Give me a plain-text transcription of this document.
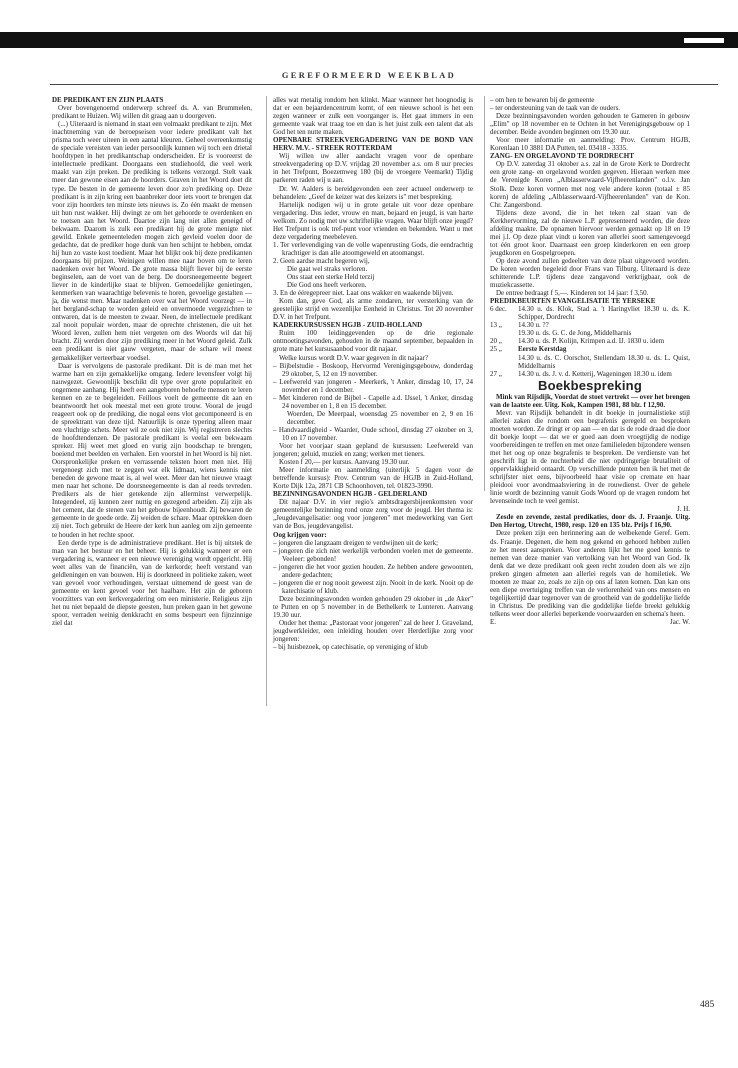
GEREFORMEERD WEEKBLAD

DE PREDIKANT EN ZIJN PLAATS

Over bovengenoemd onderwerp schreef ds. A. van Brummelen, predikant te Huizen. Wij willen dit graag aan u doorgeven.

(...) Uiteraard is niemand in staat een volmaakt predikant te zijn. Met inachtneming van de beroepseisen voor iedere predikant valt het prisma toch weer uiteen in een aantal kleuren. Geheel overeenkomstig de speciale vereisten van ieder persoonlijk kunnen wij toch een drietal hoofdtypen in het predikantschap onderscheiden. Er is vooreerst de intellectuele predikant. Doorgaans een studiehoofd, die veel werk maakt van zijn preken. De prediking is telkens verzorgd. Stelt vaak meer dan gewone eisen aan de hoorders. Graven in het Woord doet dit type. De besten in de gemeente leven door zo'n prediking op. Deze predikant is in zijn kring een baanbreker door iets voort te brengen dat voor zijn hoorders ten minste iets nieuws is. Zo één maakt de mensen uit hun rust wakker. Hij dwingt ze om het gehoorde te overdenken en te toetsen aan het Woord. Daartoe zijn lang niet allen geneigd of bekwaam. Daarom is zulk een predikant hij de grote menigte niet gewild. Enkele gemeenteleden mogen zich gevleid voelen door de gedachte, dat de prediker hoge dunk van hen schijnt te hebben, omdat hij hun zo vaste kost toedient. Maar het blijkt ook bij deze predikanten doorgaans bij prijzen. Weinigen willen mee naar boven om te leren nadenken over het Woord. De grote massa blijft liever bij de eerste beginselen, aan de voet van de berg. De doorsneegemeente begeert liever in de kinderlijke staat te blijven. Gemoedelijke genietingen, kenmerken van waarachtige belevenis te horen, gevoelige gestalten — ja, die wenst men. Maar nadenken over wat het Woord voorzegt — in het bergland-schap te worden geleid en onvermoede vergezichten te ontwaren, dat is de meesten te zwaar. Neen, de intellectuele predikant zal nooit populair worden, maar de oprechte christenen, die uit het Woord leven, zullen hem niet vergeten om des Woords wil dat hij bracht. Zij werden door zijn prediking meer in het Woord geleid. Zulk een predikant is niet gauw vergeten, maar de schare wil meest gemakkelijker verteerbaar voedsel.

Daar is vervolgens de pastorale predikant. Dit is de man met het warme hart en zijn gemakkelijke omgang. Iedere levensfeer volgt hij nauwgezet. Gewoonlijk beschikt dit type over grote populariteit en ongemene aanhang. Hij heeft een aangeboren behoefte mensen te leren kennen en ze te begeleiden. Feilloos voelt de gemeente dit aan en beantwoordt het ook meestal met een grote trouw. Vooral de jeugd reageert ook op de prediking, die nogal eens vlot gecomponeerd is en de spreektrant van deze tijd. Natuurlijk is onze typering alleen maar een vluchtige schets. Meer wil ze ook niet zijn. Wij registreren slechts de hoofdtendenzen. De pastorale predikant is veelal een bekwaam spreker. Hij weet met gloed en vurig zijn boodschap te brengen, boeiend met beelden en verhalen. Een voorstel in het Woord is hij niet. Oorspronkelijke preken en verrassende teksten hoort men niet. Hij vergenoegt zich met te zeggen wat elk lidmaat, wiens kennis niet beneden de gewone maat is, al wel weet. Meer dan het nieuwe vraagt men naar het schone. De doorsneegemeente is dan al reeds tevreden. Predikers als de hier getekende zijn allermínst verwerpelijk. Integendeel, zij kunnen zeer nuttig en gezegend arbeiden. Zij zijn als het cement, dat de stenen van het gebouw bijeenhoudt. Zij bewaren de gemeente in de goede orde. Zij weiden de schare. Maar optrekken doen zij niet. Toch gebruikt de Heere der kerk hun aanleg om zijn gemeente te houden in het rechte spoor.

Een derde type is de administratieve predikant. Het is bij uitstek de man van het bestuur en het beheer. Hij is gelukkig wanneer er een vergadering is, wanneer er een nieuwe vereniging wordt opgericht. Hij weet alles van de financiën, van de kerkorde; heeft verstand van geldleningen en van bouwen. Hij is doorkneed in politieke zaken, weet van gevoel voor verhoudingen, verstaat uitnemend de geest van de gemeente en kent gevoel voor het haalbare. Het zijn de geboren voorzitters van een kerkvergadering om een ministerie. Religieus zijn het nu niet bepaald de diepste geesten, hun preken gaan in het gewone spoor, verraden weinig denkkracht en soms bespeurt een fijnzinnige ziel dat

alles wat metalig rondom hen klinkt. Maar wanneer het hoognodig is dat er een bejaardencentrum komt, of een nieuwe school is het een zegen wanneer er zulk een voorganger is. Het gaat immers in een gemeente vaak wat traag toe en dan is het juist zulk een talent dat als God het ten nutte maken.

OPENBARE STREEKVERGADERING VAN DE BOND VAN HERV. M.V. - STREEK ROTTERDAM

Wij willen uw aller aandacht vragen voor de openbare streekvergadering op D.V. vrijdag 20 november a.s. om 8 uur precies in het Trefpunt, Boezemweg 180 (bij de vroegere Veemarkt) Tijdig parkeren raden wij u aan.

Dr. W. Aalders is bereidgevonden een zeer actueel onderwerp te behandelen: „Geef de keizer wat des keizers is" met bespreking.

Hartelijk nodigen wij u in grote getale uit voor deze openbare vergadering. Dus ieder, vrouw en man, bejaard en jeugd, is van harte welkom. Zo nodig met uw schriftelijke vragen. Waar blijft onze jeugd? Het Trefpunt is ook tref-punt voor vrienden en bekenden. Want u met deze vergadering meebeleven.

1. Ter verlevendiging van de volle wapenrusting Gods, die eendrachtig krachtiger is dan alle atoomgeweld en atoomangst.

2. Geen aardse macht begeren wij,

Die gaat wel straks verloren.

Ons staat een sterke Held terzij

Die God ons heeft verkoren.

3. En de ééregepreer niet. Laat ons wakker en waakende blijven.

Kom dan, geve God, als arme zondaren, ter versterking van de geestelijke strijd en wezenlijke Eenheid in Christus. Tot 20 november D.V. in het Trefpunt.

KADERKURSUSSEN HGJB - ZUID-HOLLAND

Ruim 100 leidinggevenden op de drie regionale ontmoetingsavonden, gehouden in de maand september, bepaalden in grote mate het kursusaanbod voor dit najaar.

Welke kursus wordt D.V. waar gegeven in dit najaar?

– Bijbelstudie - Boskoop, Hervormd Verenigingsgebouw, donderdag 29 oktober, 5, 12 en 19 november.

– Leefwereld van jongeren - Meerkerk, 't Anker, dinsdag 10, 17, 24 november en 1 december.

– Met kinderen rond de Bijbel - Capelle a.d. IJssel, 't Anker, dinsdag 24 november en 1, 8 en 15 december.

Woerden, De Meerpaal, woensdag 25 november en 2, 9 en 16 december.

– Handvaardigheid - Waarder, Oude school, dinsdag 27 oktober en 3, 10 en 17 november.

Voor het voorjaar staan gepland de kursussen: Leefwereld van jongeren; geluid, muziek en zang; werken met tieners.

Kosten f 20,— per kursus. Aanvang 19.30 uur.

Meer informatie en aanmelding (uiterlijk 5 dagen voor de betreffende kursus): Prov. Centrum van de HGJB in Zuid-Holland, Korte Dijk 12a, 2871 CB Schoonhoven, tel. 01823-3990.

BEZINNINGSAVONDEN HGJB - GELDERLAND

Dit najaar D.V. in vier regio's ambtsdragersbijeenkomsten voor gemeentelijke bezinning rond onze zorg voor de jeugd. Het thema is: „Jeugdevangelisatie: oog voor jongeren" met medewerking van Gert van de Bos, jeugdevangelist.

Oog krijgen voor:

– jongeren die langzaam dreigen te verdwijnen uit de kerk;

– jongeren die zich niet werkelijk verbonden voelen met de gemeente. Veeleer: gebonden!

– jongeren die het voor gezien houden. Ze hebben andere gewoonten, andere gedachten;

– jongeren die er nog nooit geweest zijn. Nooit in de kerk. Nooit op de katechisatie of klub.

Deze bezinningsavonden worden gehouden 29 oktober in „de Aker" te Putten en op 5 november in de Bethelkerk te Lunteren. Aanvang 19.30 uur.

Onder het thema: „Pastoraat voor jongeren" zal de heer J. Graveland, jeugdwerkleider, een inleiding houden over Herderlijke zorg voor jongeren:

– bij huisbezoek, op catechisatie, op vereniging of klub

– om hen te bewaren bij de gemeente

– ter ondersteuning van de taak van de ouders.

Deze bezinningsavonden worden gehouden te Gameren in gebouw „Elim" op 18 november en te Ochten in het Verenigingsgebouw op 1 december. Beide avonden beginnen om 19.30 uur.

Voor meer informatie en aanmelding: Prov. Centrum HGJB, Korenlaan 10 3881 DA Putten, tel. 03418 - 3335.

ZANG- EN ORGELAVOND TE DORDRECHT

Op D.V. zaterdag 31 oktober a.s. zal in de Grote Kerk te Dordrecht een grote zang- en orgelavond worden gegeven. Hieraan werken mee de Verenigde Koren „Alblasserwaard-Vijfheerenlanden" o.l.v. Jan Stolk. Deze koren vormen met nog vele andere koren (totaal ± 85 koren) de afdeling „Alblasserwaard-Vijfheerenlanden" van de Kon. Chr. Zangersbond.

Tijdens deze avond, die in het teken zal staan van de Kerkhervorming, zal de nieuwe L.P. gepresenteerd worden, die deze afdeling maakte. De opnamen hiervoor werden gemaakt op 18 en 19 mei j.l. Op deze plaat vindt u koren van allerlei soort samengevoegd tot één groot koor. Daarnaast een groep kinderkoren en een groep jeugdkoren en Gospelgroepen.

Op deze avond zullen gedeelten van deze plaat uitgevoerd worden. De koren worden begeleid door Frans van Tilburg. Uiteraard is deze schitterende L.P. tijdens deze zangavond verkrijgbaar, ook de muziekcassette.

De entree bedraagt f 5,—. Kinderen tot 14 jaar: f 3,50.

PREDIKBEURTEN EVANGELISATIE TE YERSEKE

6 dec.	14.30 u. ds. Klok, Stad a. 't Haringvliet 18.30 u. ds. K. Schipper, Dordrecht
13 „	14.30 u. ??
19.30 u. ds. G. C. de Jong, Middelharnis
20 „	14.30 u. ds. P. Kolijn, Krimpen a.d. IJ. 1830 u. idem
25 „	Eerste Kerstdag
14.30 u. ds. C. Oorschot, Stellendam 18.30 u. ds. L. Quist, Middelharnis
27 „	14.30 u. ds. J. v. d. Ketterij, Wageningen 18.30 u. idem
Boekbespreking

Mink van Rijsdijk, Voordat de stoet vertrekt — over het brengen van de laatste eer. Uitg. Kok, Kampen 1981, 88 blz. f 12,90.

Mevr. van Rijsdijk behandelt in dit boekje in journalistieke stijl allerlei zaken die rondom een begrafenis geregeld en besproken moeten worden. Ze dringt er op aan — en dat is de rode draad die door dit boekje loopt — dat we er goed aan doen vroegtijdig de nodige voorbereidingen te treffen en met onze familieleden bijzondere wensen met het oog op onze begrafenis te bespreken. De verdienste van het geschrift ligt in de nuchterheid die niet opdringerige brutaliteit of oppervlakkigheid ontaardt. Op verschillende punten ben ik het met de schrijfster niet eens, bijvoorbeeld haar visie op cremate en haar pleidooi voor avondmaalsviering in de rouwdienst. Over de gehele linie wordt de bezinning vanuit Gods Woord op de vragen rondom het levenseinde toch te veel gemist.

J. H.

Zesde en zevende, zestal predikaties, door ds. J. Fraanje. Uitg. Den Hertog, Utrecht, 1980, resp. 120 en 135 blz. Prijs f 16,90.

Deze preken zijn een herinnering aan de welbekende Geref. Gem. ds. Fraanje. Degenen, die hem nog gekend en gehoord hebben zullen ze het meest aanspreken. Voor anderen lijkt het me goed kennis te nemen van deze manier van vertolking van het Woord van God. Ik denk dat we deze predikant ook geen recht zouden doen als we zijn preken gingen afmeten aan allerlei regels van de homiletiek. We moeten ze maar zo, zoals ze zijn op ons af laten komen. Dan kan ons een diepe overtuiging treffen van de verlorenheid van ons mensen en tegelijkertijd daar tegenover van de grootheid van de goddelijke liefde in Christus. De prediking van die goddelijke liefde breekt gelukkig telkens weer door allerlei beperkende voorwaarden en schema's heen.

E.	Jac. W.
485
